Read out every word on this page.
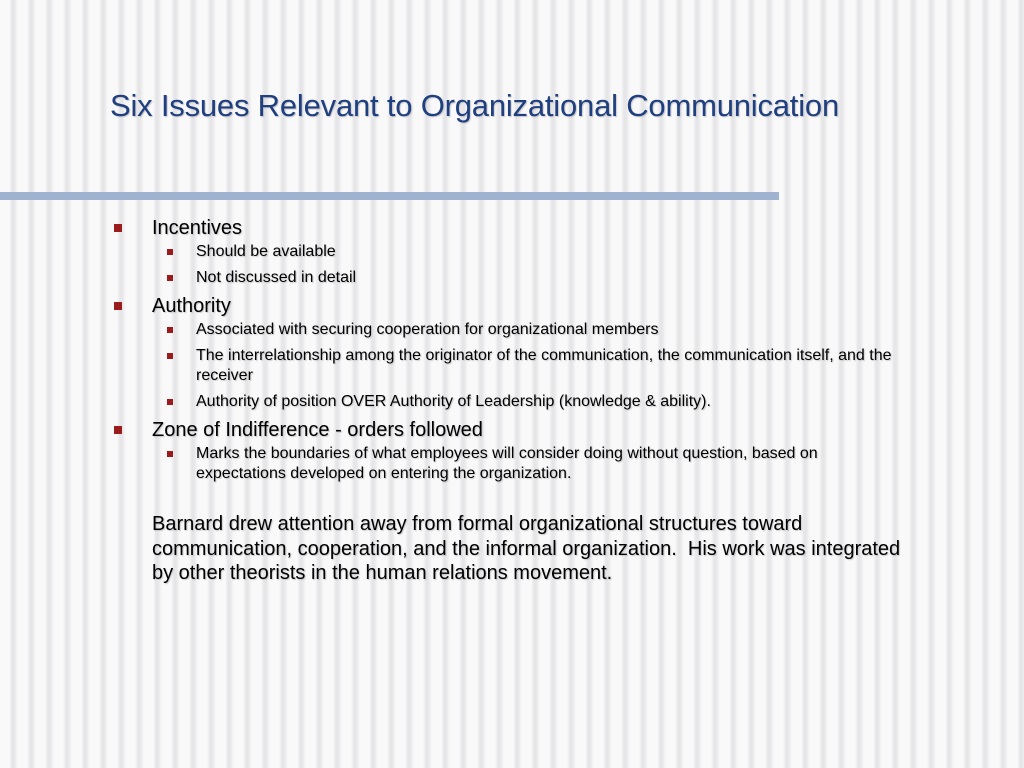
Six Issues Relevant to Organizational Communication
Incentives
Should be available
Not discussed in detail
Authority
Associated with securing cooperation for organizational members
The interrelationship among the originator of the communication, the communication itself, and the receiver
Authority of position OVER Authority of Leadership (knowledge & ability).
Zone of Indifference - orders followed
Marks the boundaries of what employees will consider doing without question, based on expectations developed on entering the organization.

Barnard drew attention away from formal organizational structures toward communication, cooperation, and the informal organization. His work was integrated by other theorists in the human relations movement.
